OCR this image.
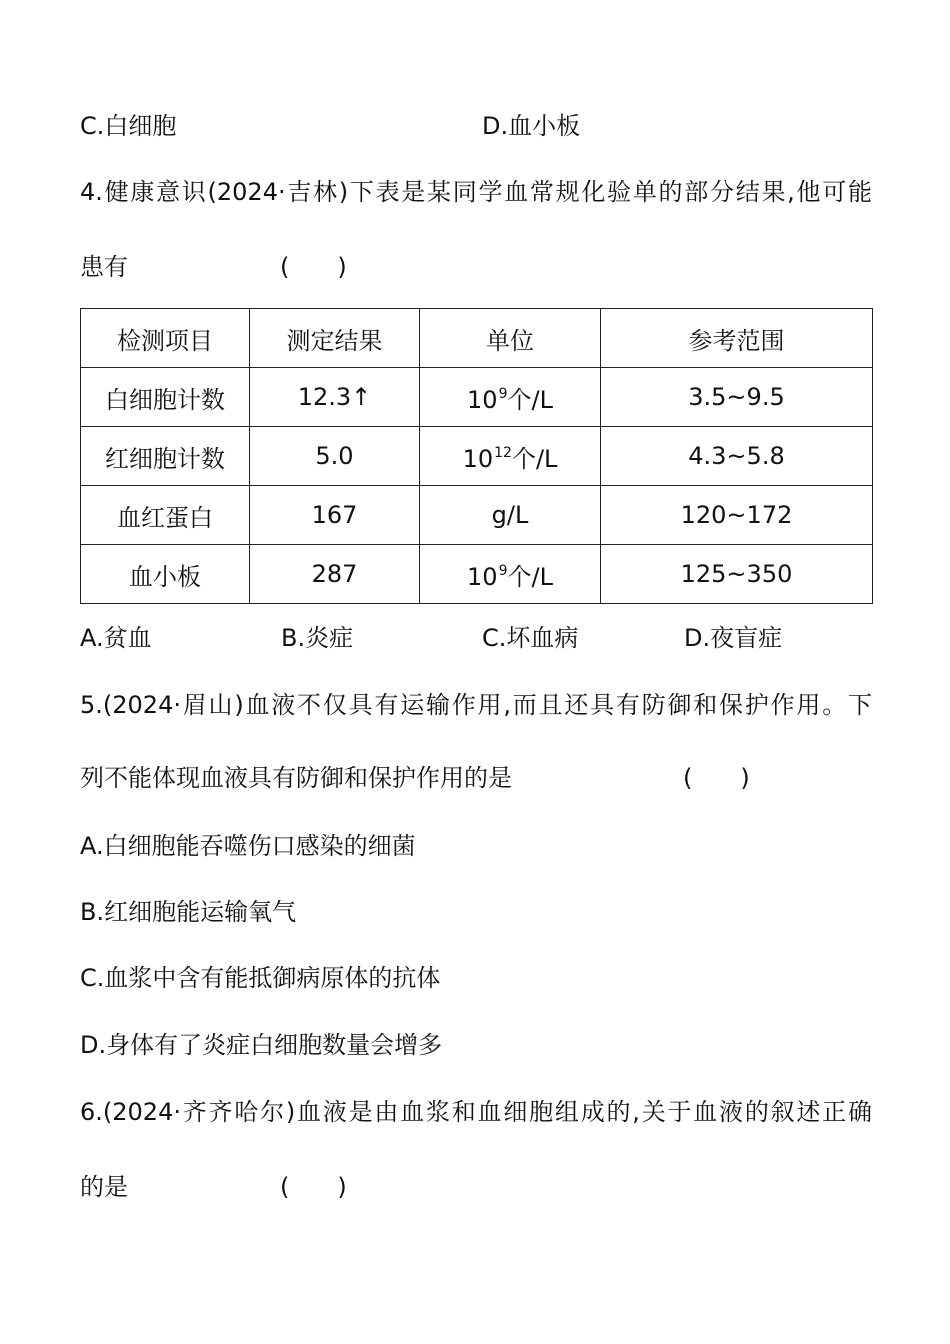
C.白细胞	D.血小板
4.健康意识(2024·吉林)下表是某同学血常规化验单的部分结果,他可能
患有	(　　)
检测项目	测定结果	单位	参考范围
白细胞计数	12.3↑	$10^9$个/L	3.5~9.5
红细胞计数	5.0	$10^{12}$个/L	4.3~5.8
血红蛋白	167	g/L	120~172
血小板	287	$10^9$个/L	125~350
A.贫血	B.炎症	C.坏血病	D.夜盲症
5.(2024·眉山)血液不仅具有运输作用,而且还具有防御和保护作用。下
列不能体现血液具有防御和保护作用的是	(　　)
A.白细胞能吞噬伤口感染的细菌
B.红细胞能运输氧气
C.血浆中含有能抵御病原体的抗体
D.身体有了炎症白细胞数量会增多
6.(2024·齐齐哈尔)血液是由血浆和血细胞组成的,关于血液的叙述正确
的是	(　　)
